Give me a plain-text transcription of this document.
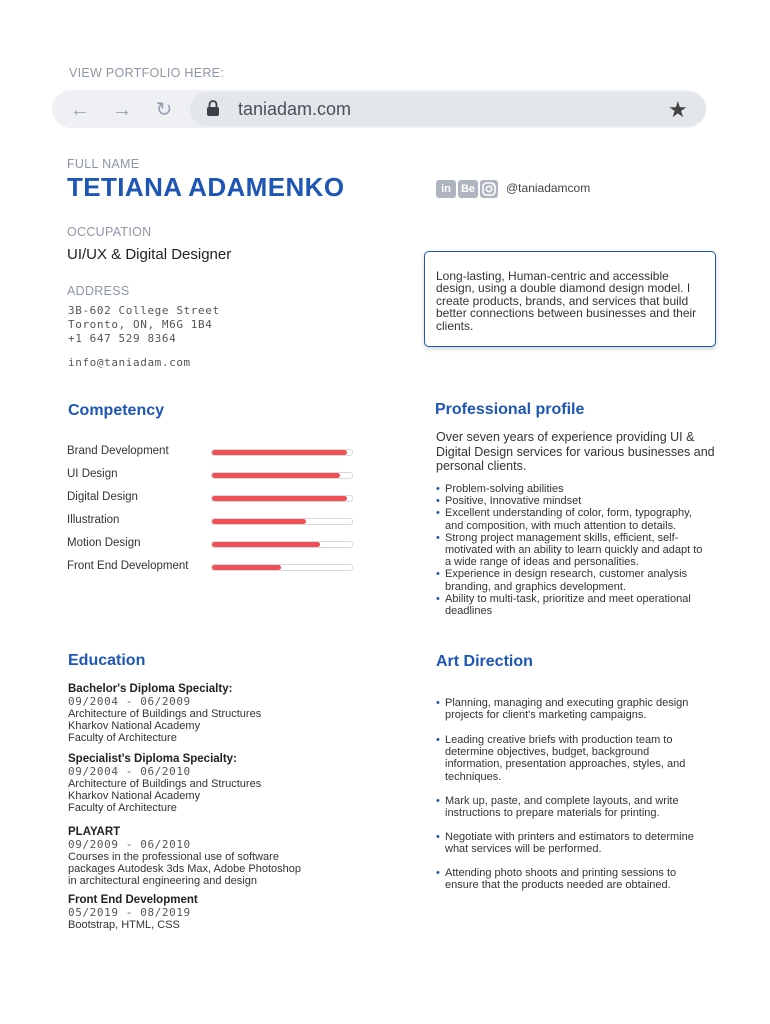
VIEW PORTFOLIO HERE:
← → ↻	taniadam.com	★
FULL NAME
TETIANA ADAMENKO	in Be	@taniadamcom
OCCUPATION
UI/UX & Digital Designer
Long-lasting, Human-centric and accessible design, using a double diamond design model. I create products, brands, and services that build better connections between businesses and their clients.
ADDRESS
3B-602 College Street
Toronto, ON, M6G 1B4
+1 647 529 8364
info@taniadam.com
Competency
Brand Development
UI Design
Digital Design
Illustration
Motion Design
Front End Development
Professional profile
Over seven years of experience providing UI & Digital Design services for various businesses and personal clients.
• Problem-solving abilities
• Positive, Innovative mindset
• Excellent understanding of color, form, typography, and composition, with much attention to details.
• Strong project management skills, efficient, self-motivated with an ability to learn quickly and adapt to a wide range of ideas and personalities.
• Experience in design research, customer analysis branding, and graphics development.
• Ability to multi-task, prioritize and meet operational deadlines
Education
Bachelor's Diploma Specialty:
09/2004 - 06/2009
Architecture of Buildings and Structures
Kharkov National Academy
Faculty of Architecture
Specialist's Diploma Specialty:
09/2004 - 06/2010
Architecture of Buildings and Structures
Kharkov National Academy
Faculty of Architecture
PLAYART
09/2009 - 06/2010
Courses in the professional use of software
packages Autodesk 3ds Max, Adobe Photoshop
in architectural engineering and design
Front End Development
05/2019 - 08/2019
Bootstrap, HTML, CSS
Art Direction
• Planning, managing and executing graphic design projects for client's marketing campaigns.
• Leading creative briefs with production team to determine objectives, budget, background information, presentation approaches, styles, and techniques.
• Mark up, paste, and complete layouts, and write instructions to prepare materials for printing.
• Negotiate with printers and estimators to determine what services will be performed.
• Attending photo shoots and printing sessions to ensure that the products needed are obtained.
